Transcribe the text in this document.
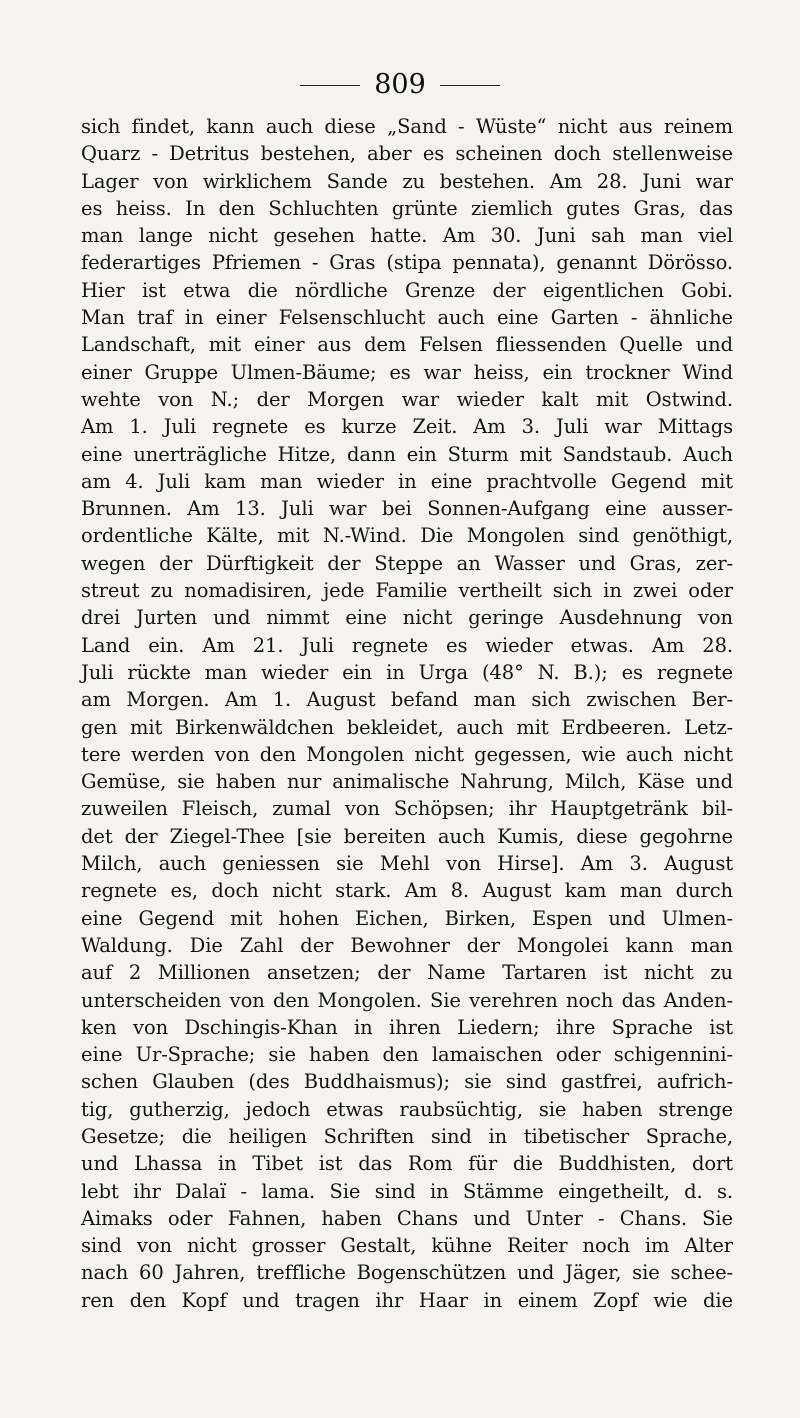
809
sich findet, kann auch diese „Sand - Wüste“ nicht aus reinem
Quarz - Detritus bestehen, aber es scheinen doch stellenweise
Lager von wirklichem Sande zu bestehen. Am 28. Juni war
es heiss. In den Schluchten grünte ziemlich gutes Gras, das
man lange nicht gesehen hatte. Am 30. Juni sah man viel
federartiges Pfriemen - Gras (stipa pennata), genannt Dörösso.
Hier ist etwa die nördliche Grenze der eigentlichen Gobi.
Man traf in einer Felsenschlucht auch eine Garten - ähnliche
Landschaft, mit einer aus dem Felsen fliessenden Quelle und
einer Gruppe Ulmen-Bäume; es war heiss, ein trockner Wind
wehte von N.; der Morgen war wieder kalt mit Ostwind.
Am 1. Juli regnete es kurze Zeit. Am 3. Juli war Mittags
eine unerträgliche Hitze, dann ein Sturm mit Sandstaub. Auch
am 4. Juli kam man wieder in eine prachtvolle Gegend mit
Brunnen. Am 13. Juli war bei Sonnen-Aufgang eine ausser-
ordentliche Kälte, mit N.-Wind. Die Mongolen sind genöthigt,
wegen der Dürftigkeit der Steppe an Wasser und Gras, zer-
streut zu nomadisiren, jede Familie vertheilt sich in zwei oder
drei Jurten und nimmt eine nicht geringe Ausdehnung von
Land ein. Am 21. Juli regnete es wieder etwas. Am 28.
Juli rückte man wieder ein in Urga (48° N. B.); es regnete
am Morgen. Am 1. August befand man sich zwischen Ber-
gen mit Birkenwäldchen bekleidet, auch mit Erdbeeren. Letz-
tere werden von den Mongolen nicht gegessen, wie auch nicht
Gemüse, sie haben nur animalische Nahrung, Milch, Käse und
zuweilen Fleisch, zumal von Schöpsen; ihr Hauptgetränk bil-
det der Ziegel-Thee [sie bereiten auch Kumis, diese gegohrne
Milch, auch geniessen sie Mehl von Hirse]. Am 3. August
regnete es, doch nicht stark. Am 8. August kam man durch
eine Gegend mit hohen Eichen, Birken, Espen und Ulmen-
Waldung. Die Zahl der Bewohner der Mongolei kann man
auf 2 Millionen ansetzen; der Name Tartaren ist nicht zu
unterscheiden von den Mongolen. Sie verehren noch das Anden-
ken von Dschingis-Khan in ihren Liedern; ihre Sprache ist
eine Ur-Sprache; sie haben den lamaischen oder schigennini-
schen Glauben (des Buddhaismus); sie sind gastfrei, aufrich-
tig, gutherzig, jedoch etwas raubsüchtig, sie haben strenge
Gesetze; die heiligen Schriften sind in tibetischer Sprache,
und Lhassa in Tibet ist das Rom für die Buddhisten, dort
lebt ihr Dalaï - lama. Sie sind in Stämme eingetheilt, d. s.
Aimaks oder Fahnen, haben Chans und Unter - Chans. Sie
sind von nicht grosser Gestalt, kühne Reiter noch im Alter
nach 60 Jahren, treffliche Bogenschützen und Jäger, sie schee-
ren den Kopf und tragen ihr Haar in einem Zopf wie die
